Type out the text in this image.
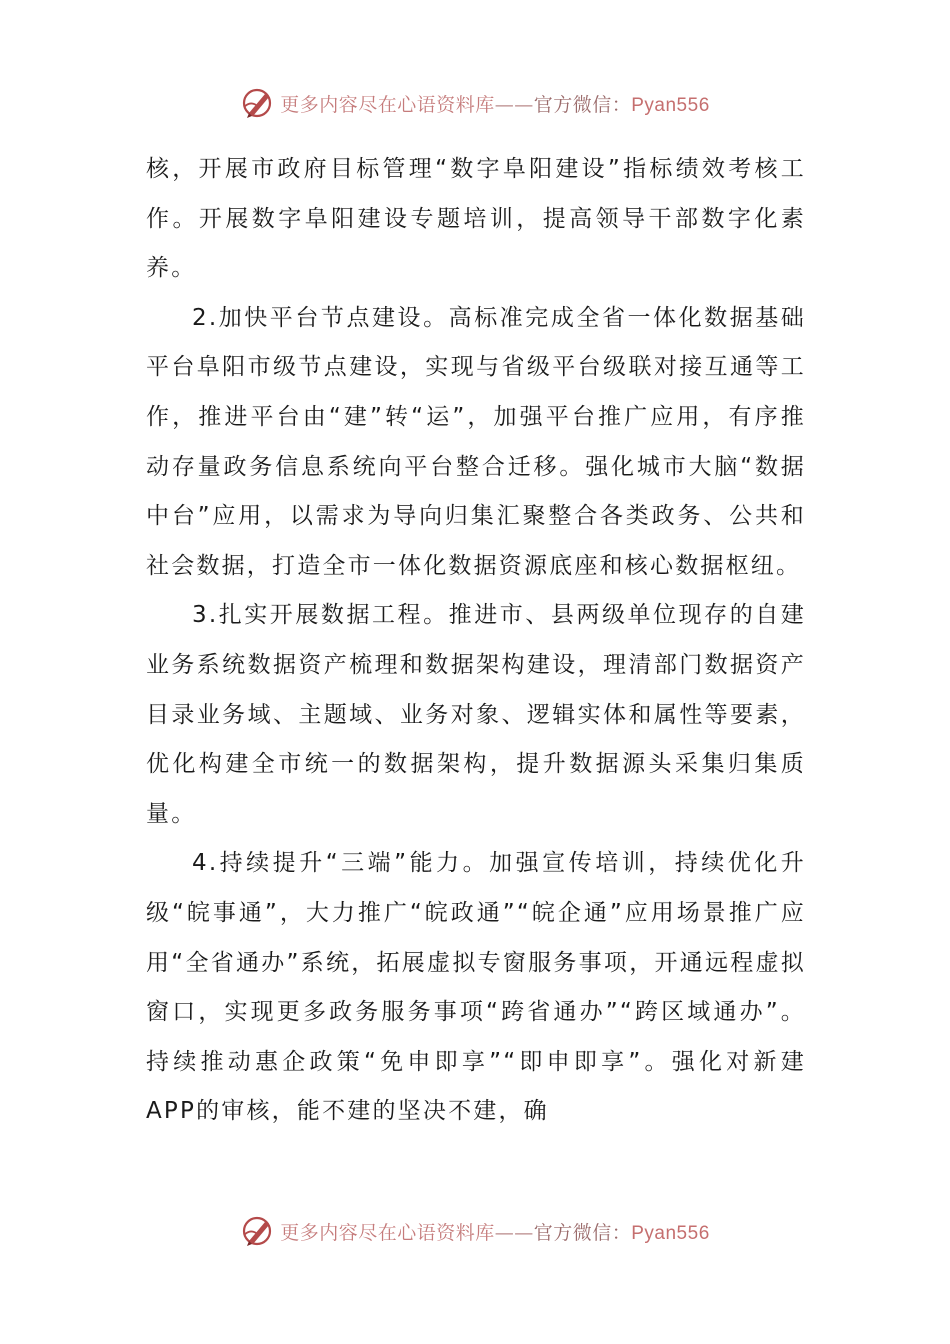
更多内容尽在心语资料库——官方微信：Pyan556

核，开展市政府目标管理“数字阜阳建设”指标绩效考核工作。开展数字阜阳建设专题培训，提高领导干部数字化素养。

2.加快平台节点建设。高标准完成全省一体化数据基础平台阜阳市级节点建设，实现与省级平台级联对接互通等工作，推进平台由“建”转“运”，加强平台推广应用，有序推动存量政务信息系统向平台整合迁移。强化城市大脑“数据中台”应用，以需求为导向归集汇聚整合各类政务、公共和社会数据，打造全市一体化数据资源底座和核心数据枢纽。

3.扎实开展数据工程。推进市、县两级单位现存的自建业务系统数据资产梳理和数据架构建设，理清部门数据资产目录业务域、主题域、业务对象、逻辑实体和属性等要素，优化构建全市统一的数据架构，提升数据源头采集归集质量。

4.持续提升“三端”能力。加强宣传培训，持续优化升级“皖事通”，大力推广“皖政通”“皖企通”应用场景推广应用“全省通办”系统，拓展虚拟专窗服务事项，开通远程虚拟窗口，实现更多政务服务事项“跨省通办”“跨区域通办”。持续推动惠企政策“免申即享”“即申即享”。强化对新建APP的审核，能不建的坚决不建，确

更多内容尽在心语资料库——官方微信：Pyan556
